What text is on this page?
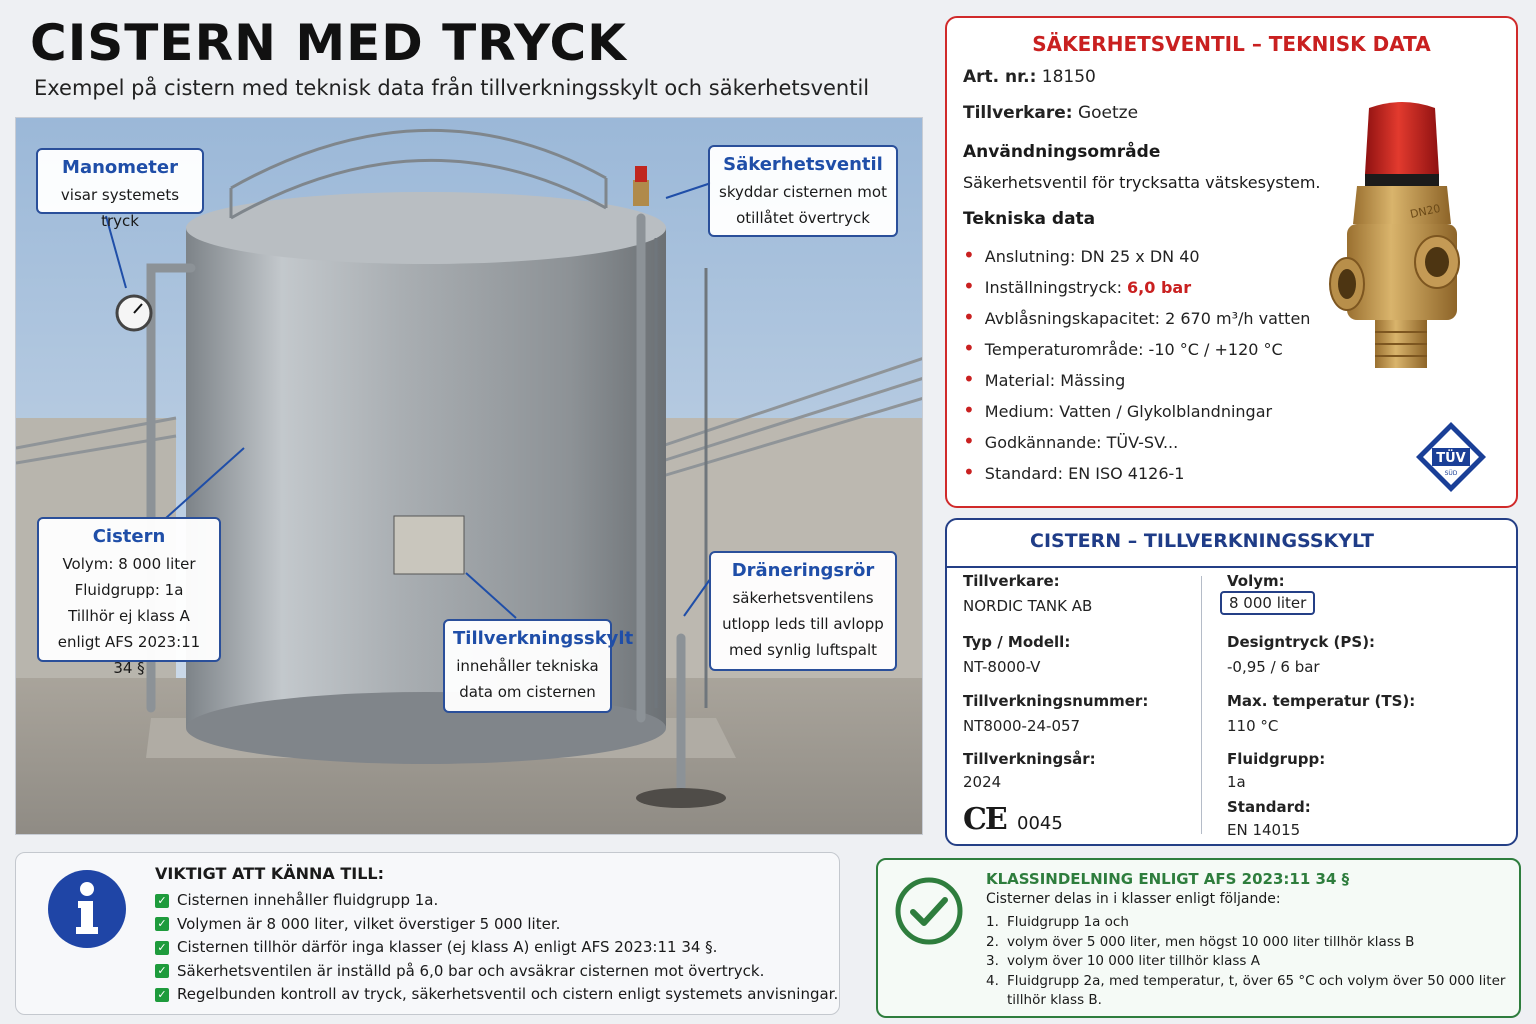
CISTERN MED TRYCK
Exempel på cistern med teknisk data från tillverkningsskylt och säkerhetsventil
Manometer
visar systemets tryck
Säkerhetsventil
skyddar cisternen mot
otillåtet övertryck
Cistern
Volym: 8 000 liter
Fluidgrupp: 1a
Tillhör ej klass A
enligt AFS 2023:11 34 §
Tillverkningsskylt
innehåller tekniska
data om cisternen
Dräneringsrör
säkerhetsventilens
utlopp leds till avlopp
med synlig luftspalt
SÄKERHETSVENTIL – TEKNISK DATA
Art. nr.: 18150
Tillverkare: Goetze
Användningsområde
Säkerhetsventil för trycksatta vätskesystem.
Tekniska data
• Anslutning: DN 25 x DN 40
• Inställningstryck: 6,0 bar
• Avblåsningskapacitet: 2 670 m³/h vatten
• Temperaturområde: -10 °C / +120 °C
• Material: Mässing
• Medium: Vatten / Glykolblandningar
• Godkännande: TÜV-SV...
• Standard: EN ISO 4126-1
DN20
TÜV
SÜD
CISTERN – TILLVERKNINGSSKYLT
Tillverkare:
NORDIC TANK AB
Typ / Modell:
NT-8000-V
Tillverkningsnummer:
NT8000-24-057
Tillverkningsår:
2024
CE 0045
Volym:
8 000 liter
Designtryck (PS):
-0,95 / 6 bar
Max. temperatur (TS):
110 °C
Fluidgrupp:
1a
Standard:
EN 14015
VIKTIGT ATT KÄNNA TILL:
✓ Cisternen innehåller fluidgrupp 1a.
✓ Volymen är 8 000 liter, vilket överstiger 5 000 liter.
✓ Cisternen tillhör därför inga klasser (ej klass A) enligt AFS 2023:11 34 §.
✓ Säkerhetsventilen är inställd på 6,0 bar och avsäkrar cisternen mot övertryck.
✓ Regelbunden kontroll av tryck, säkerhetsventil och cistern enligt systemets anvisningar.
KLASSINDELNING ENLIGT AFS 2023:11 34 §
Cisterner delas in i klasser enligt följande:
1. Fluidgrupp 1a och
2. volym över 5 000 liter, men högst 10 000 liter tillhör klass B
3. volym över 10 000 liter tillhör klass A
4. Fluidgrupp 2a, med temperatur, t, över 65 °C och volym över 50 000 liter tillhör klass B.
